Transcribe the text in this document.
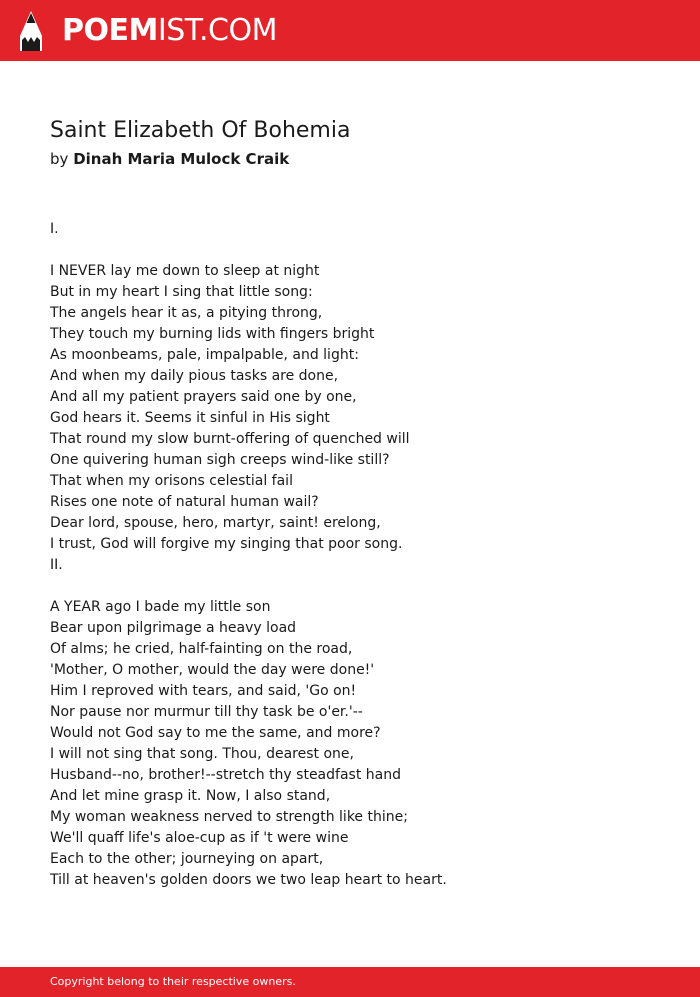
POEMIST.COM
Saint Elizabeth Of Bohemia
by Dinah Maria Mulock Craik
I.
I NEVER lay me down to sleep at night
But in my heart I sing that little song:
The angels hear it as, a pitying throng,
They touch my burning lids with fingers bright
As moonbeams, pale, impalpable, and light:
And when my daily pious tasks are done,
And all my patient prayers said one by one,
God hears it. Seems it sinful in His sight
That round my slow burnt-offering of quenched will
One quivering human sigh creeps wind-like still?
That when my orisons celestial fail
Rises one note of natural human wail?
Dear lord, spouse, hero, martyr, saint! erelong,
I trust, God will forgive my singing that poor song.
II.
A YEAR ago I bade my little son
Bear upon pilgrimage a heavy load
Of alms; he cried, half-fainting on the road,
'Mother, O mother, would the day were done!'
Him I reproved with tears, and said, 'Go on!
Nor pause nor murmur till thy task be o'er.'--
Would not God say to me the same, and more?
I will not sing that song. Thou, dearest one,
Husband--no, brother!--stretch thy steadfast hand
And let mine grasp it. Now, I also stand,
My woman weakness nerved to strength like thine;
We'll quaff life's aloe-cup as if 't were wine
Each to the other; journeying on apart,
Till at heaven's golden doors we two leap heart to heart.
Copyright belong to their respective owners.
